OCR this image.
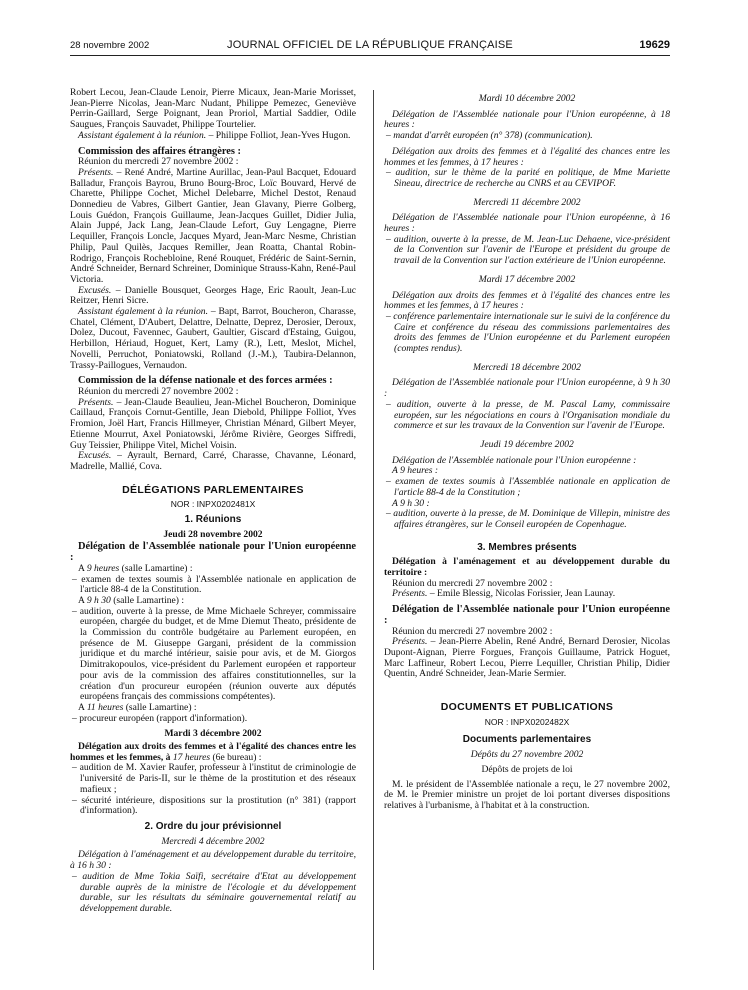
28 novembre 2002	JOURNAL OFFICIEL DE LA RÉPUBLIQUE FRANÇAISE	19629

Robert Lecou, Jean-Claude Lenoir, Pierre Micaux, Jean-Marie Morisset, Jean-Pierre Nicolas, Jean-Marc Nudant, Philippe Pemezec, Geneviève Perrin-Gaillard, Serge Poignant, Jean Proriol, Martial Saddier, Odile Saugues, François Sauvadet, Philippe Tourtelier.

Assistant également à la réunion. – Philippe Folliot, Jean-Yves Hugon.

Commission des affaires étrangères :

Réunion du mercredi 27 novembre 2002 :

Présents. – René André, Martine Aurillac, Jean-Paul Bacquet, Edouard Balladur, François Bayrou, Bruno Bourg-Broc, Loïc Bouvard, Hervé de Charette, Philippe Cochet, Michel Delebarre, Michel Destot, Renaud Donnedieu de Vabres, Gilbert Gantier, Jean Glavany, Pierre Golberg, Louis Guédon, François Guillaume, Jean-Jacques Guillet, Didier Julia, Alain Juppé, Jack Lang, Jean-Claude Lefort, Guy Lengagne, Pierre Lequiller, François Loncle, Jacques Myard, Jean-Marc Nesme, Christian Philip, Paul Quilès, Jacques Remiller, Jean Roatta, Chantal Robin-Rodrigo, François Rochebloine, René Rouquet, Frédéric de Saint-Sernin, André Schneider, Bernard Schreiner, Dominique Strauss-Kahn, René-Paul Victoria.

Excusés. – Danielle Bousquet, Georges Hage, Eric Raoult, Jean-Luc Reitzer, Henri Sicre.

Assistant également à la réunion. – Bapt, Barrot, Boucheron, Charasse, Chatel, Clément, D'Aubert, Delattre, Delnatte, Deprez, Derosier, Deroux, Dolez, Ducout, Favennec, Gaubert, Gaultier, Giscard d'Estaing, Guigou, Herbillon, Hériaud, Hoguet, Kert, Lamy (R.), Lett, Meslot, Michel, Novelli, Perruchot, Poniatowski, Rolland (J.-M.), Taubira-Delannon, Trassy-Paillogues, Vernaudon.

Commission de la défense nationale et des forces armées :

Réunion du mercredi 27 novembre 2002 :

Présents. – Jean-Claude Beaulieu, Jean-Michel Boucheron, Dominique Caillaud, François Cornut-Gentille, Jean Diebold, Philippe Folliot, Yves Fromion, Joël Hart, Francis Hillmeyer, Christian Ménard, Gilbert Meyer, Etienne Mourrut, Axel Poniatowski, Jérôme Rivière, Georges Siffredi, Guy Teissier, Philippe Vitel, Michel Voisin.

Excusés. – Ayrault, Bernard, Carré, Charasse, Chavanne, Léonard, Madrelle, Mallié, Cova.

DÉLÉGATIONS PARLEMENTAIRES

NOR : INPX0202481X

1. Réunions

Jeudi 28 novembre 2002

Délégation de l'Assemblée nationale pour l'Union européenne :

A 9 heures (salle Lamartine) :

– examen de textes soumis à l'Assemblée nationale en application de l'article 88-4 de la Constitution.

A 9 h 30 (salle Lamartine) :

– audition, ouverte à la presse, de Mme Michaele Schreyer, commissaire européen, chargée du budget, et de Mme Diemut Theato, présidente de la Commission du contrôle budgétaire au Parlement européen, en présence de M. Giuseppe Gargani, président de la commission juridique et du marché intérieur, saisie pour avis, et de M. Giorgos Dimitrakopoulos, vice-président du Parlement européen et rapporteur pour avis de la commission des affaires constitutionnelles, sur la création d'un procureur européen (réunion ouverte aux députés européens français des commissions compétentes).

A 11 heures (salle Lamartine) :

– procureur européen (rapport d'information).

Mardi 3 décembre 2002

Délégation aux droits des femmes et à l'égalité des chances entre les hommes et les femmes, à 17 heures (6e bureau) :

– audition de M. Xavier Raufer, professeur à l'institut de criminologie de l'université de Paris-II, sur le thème de la prostitution et des réseaux mafieux ;

– sécurité intérieure, dispositions sur la prostitution (n° 381) (rapport d'information).

2. Ordre du jour prévisionnel

Mercredi 4 décembre 2002

Délégation à l'aménagement et au développement durable du territoire, à 16 h 30 :

– audition de Mme Tokia Saïfi, secrétaire d'Etat au développement durable auprès de la ministre de l'écologie et du développement durable, sur les résultats du séminaire gouvernemental relatif au développement durable.

Mardi 10 décembre 2002

Délégation de l'Assemblée nationale pour l'Union européenne, à 18 heures :

– mandat d'arrêt européen (n° 378) (communication).

Délégation aux droits des femmes et à l'égalité des chances entre les hommes et les femmes, à 17 heures :

– audition, sur le thème de la parité en politique, de Mme Mariette Sineau, directrice de recherche au CNRS et au CEVIPOF.

Mercredi 11 décembre 2002

Délégation de l'Assemblée nationale pour l'Union européenne, à 16 heures :

– audition, ouverte à la presse, de M. Jean-Luc Dehaene, vice-président de la Convention sur l'avenir de l'Europe et président du groupe de travail de la Convention sur l'action extérieure de l'Union européenne.

Mardi 17 décembre 2002

Délégation aux droits des femmes et à l'égalité des chances entre les hommes et les femmes, à 17 heures :

– conférence parlementaire internationale sur le suivi de la conférence du Caire et conférence du réseau des commissions parlementaires des droits des femmes de l'Union européenne et du Parlement européen (comptes rendus).

Mercredi 18 décembre 2002

Délégation de l'Assemblée nationale pour l'Union européenne, à 9 h 30 :

– audition, ouverte à la presse, de M. Pascal Lamy, commissaire européen, sur les négociations en cours à l'Organisation mondiale du commerce et sur les travaux de la Convention sur l'avenir de l'Europe.

Jeudi 19 décembre 2002

Délégation de l'Assemblée nationale pour l'Union européenne :

A 9 heures :

– examen de textes soumis à l'Assemblée nationale en application de l'article 88-4 de la Constitution ;

A 9 h 30 :

– audition, ouverte à la presse, de M. Dominique de Villepin, ministre des affaires étrangères, sur le Conseil européen de Copenhague.

3. Membres présents

Délégation à l'aménagement et au développement durable du territoire :

Réunion du mercredi 27 novembre 2002 :

Présents. – Emile Blessig, Nicolas Forissier, Jean Launay.

Délégation de l'Assemblée nationale pour l'Union européenne :

Réunion du mercredi 27 novembre 2002 :

Présents. – Jean-Pierre Abelin, René André, Bernard Derosier, Nicolas Dupont-Aignan, Pierre Forgues, François Guillaume, Patrick Hoguet, Marc Laffineur, Robert Lecou, Pierre Lequiller, Christian Philip, Didier Quentin, André Schneider, Jean-Marie Sermier.

DOCUMENTS ET PUBLICATIONS

NOR : INPX0202482X

Documents parlementaires

Dépôts du 27 novembre 2002

Dépôts de projets de loi

M. le président de l'Assemblée nationale a reçu, le 27 novembre 2002, de M. le Premier ministre un projet de loi portant diverses dispositions relatives à l'urbanisme, à l'habitat et à la construction.
